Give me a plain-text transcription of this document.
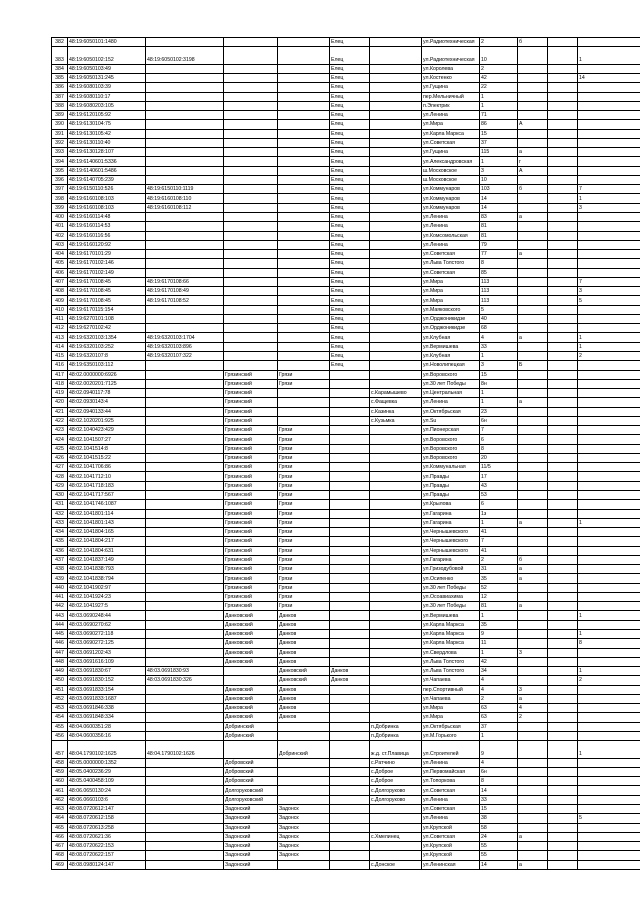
382	48:19:6050101:1480				Елец		ул.Радиотехническая	2	б		
383	48:19:6050102:152	48:19:6050102:3198			Елец		ул.Радиотехническая	10			1
384	48:19:6050103:49				Елец		ул.Королева	2			
385	48:19:6050131:245				Елец		ул.Костенко	42			14
386	48:19:6080103:39				Елец		ул.Гущина	22			
387	48:19:6080110:17				Елец		пер.Мельничный	1			
388	48:19:6080203:105				Елец		п.Электрик	1			
389	48:19:6120105:92				Елец		ул.Ленина	71			
390	48:19:6130104:75				Елец		ул.Мира	86	А		
391	48:19:6130105:42				Елец		ул.Карла Маркса	15			
392	48:19:6130110:40				Елец		ул.Советская	37			
393	48:19:6130128:107				Елец		ул.Гущина	115	а		
394	48:19:6140601:5336				Елец		ул.Александровская	1	г		
395	48:19:6140601:5486				Елец		ш.Московское	3	А		
396	48:19:6140705:239				Елец		ш.Московское	10			
397	48:19:6150110:526	48:19:6150110:1119			Елец		ул.Коммунаров	103	б		7
398	48:19:6160108:103	48:19:6160108:110			Елец		ул.Коммунаров	14			1
399	48:19:6160108:103	48:19:6160108:112			Елец		ул.Коммунаров	14			3
400	48:19:6160114:48				Елец		ул.Ленина	83	а		
401	48:19:6160114:53				Елец		ул.Ленина	81			
402	48:19:6160116:56				Елец		ул.Комсомольская	81			
403	48:19:6160120:92				Елец		ул.Ленина	79			
404	48:19:6170101:29				Елец		ул.Советская	77	а		
405	48:19:6170102:146				Елец		ул.Льва Толстого	8			
406	48:19:6170102:149				Елец		ул.Советская	85			
407	48:19:6170108:45	48:19:6170108:66			Елец		ул.Мира	113			7
408	48:19:6170108:45	48:19:6170108:49			Елец		ул.Мира	113			3
409	48:19:6170108:45	48:19:6170108:52			Елец		ул.Мира	113			5
410	48:19:6170115:154				Елец		ул.Маяковского	5			
411	48:19:6270101:108				Елец		ул.Орджоникидзе	40			
412	48:19:6270102:42				Елец		ул.Орджоникидзе	68			
413	48:19:6320103:1354	48:19:6320103:1704			Елец		ул.Клубная	4	а		1
414	48:19:6320103:252	48:19:6320103:896			Елец		ул.Вермишева	33			1
415	48:19:6320107:8	48:19:6320107:322			Елец		ул.Клубная	1			2
416	48:19:6350103:112				Елец		ул.Новолипецкая	3	Б		
417	48:02.0000000:6926		Грязинский	Грязи			ул.Воровского	15			
418	48:02.0020201:7125		Грязинский	Грязи			ул.30 лет Победы	8н			
419	48:02.0940117:78		Грязинский			с.Карамышево	ул.Центральная	1			
420	48:02.0930143:4		Грязинский			с.Фащевка	ул.Ленина	1	а		
421	48:02.0940133:44		Грязинский			с.Казинка	ул.Октябрьская	23			
422	48:02.1020201:925		Грязинский			с.Кузьмка	ул.Su	6н			
423	48:02.1040423:429		Грязинский	Грязи			ул.Пионерская	7			
424	48:02.1041507:27		Грязинский	Грязи			ул.Воровского	6			
425	48:02.1041514:8		Грязинский	Грязи			ул.Воровского	8			
426	48:02.1041515:22		Грязинский	Грязи			ул.Воровского	20			
427	48:02.1041706:86		Грязинский	Грязи			ул.Коммунальная	11/5			
428	48:02.1041712:10		Грязинский	Грязи			ул.Правды	17			
429	48:02.1041718:183		Грязинский	Грязи			ул.Правды	43			
430	48:02.1041717:567		Грязинский	Грязи			ул.Правды	53			
431	48:02.1041746:1087		Грязинский	Грязи			ул.Крылова	6			
432	48:02.1041801:114		Грязинский	Грязи			ул.Гагарина	1з			
433	48:02.1041801:143		Грязинский	Грязи			ул.Гагарина	1	а		1
434	48:02.1041804:165		Грязинский	Грязи			ул.Чернышевского	41			
435	48:02.1041804:217		Грязинский	Грязи			ул.Чернышевского	7			
436	48:02.1041804:631		Грязинский	Грязи			ул.Чернышевского	41			
437	48:02.1041837:149		Грязинский	Грязи			ул.Гагарина	2	б		
438	48:02.1041838:793		Грязинский	Грязи			ул.Гризодубовой	31	а		
439	48:02.1041838:794		Грязинский	Грязи			ул.Осипенко	35	а		
440	48:02.1041902:97		Грязинский	Грязи			ул.30 лет Победы	52			
441	48:02.1041924:23		Грязинский	Грязи			ул.Осоавиахима	12			
442	48:02.1041927:5		Грязинский	Грязи			ул.30 лет Победы	81	а		
443	48:03.0690248:44		Данковский	Данков			ул.Вермишева	1			1
444	48:03.0690270:62		Данковский	Данков			ул.Карла Маркса	35			
445	48:03.0690272:118		Данковский	Данков			ул.Карла Маркса	9			1
446	48:03.0690272:125		Данковский	Данков			ул.Карла Маркса	11			8
447	48:03.0691202:43		Данковский	Данков			ул.Свердлова	1	3		
448	48:03.0691616:109		Данковский	Данков			ул.Льва Толстого	42			
449	48:03.0691830:67	48:03.0691830:93		Данковский	Данков		ул.Льва Толстого	34			1
450	48:03.0691830:152	48:03.0691830:326		Данковский	Данков		ул.Чапаева	4			2
451	48:03.0691833:154		Данковский	Данков			пер.Спортивный	4	3		
452	48:03.0691833:1687		Данковский	Данков			ул.Чапаева	2	а		
453	48:03.0691846:338		Данковский	Данков			ул.Мира	63	4		
454	48:03.0691848:334		Данковский	Данков			ул.Мира	63	2		
455	48:04.0600351:28		Добринский			п.Добринка	ул.Октябрьская	37			
456	48:04.0600356:16		Добринский			п.Добринка	ул.М.Горького	1			
457	48:04.1790102:1625	48:04.1790102:1626		Добринский		ж.д. ст.Плавица	ул.Строителей	9			1
458	48:05.0000000:1352		Добровский			с.Ратчино	ул.Ленина	4			
459	48:05.0400236:29		Добровский			с.Доброе	ул.Первомайская	6н			
460	48:05.0400458:109		Добровский			с.Доброе	ул.Топоркова	8			
461	48:06.0650130:24		Долгоруковский			с.Долгоруково	ул.Советская	14			
462	48:06.0660103:6		Долгоруковский			с.Долгоруково	ул.Ленина	33			
463	48:08.0720612:147		Задонский	Задонск			ул.Советская	15			
464	48:08.0720612:158		Задонский	Задонск			ул.Ленина	38			5
465	48:08.0720613:258		Задонский	Задонск			ул.Крупской	58			
466	48:08.0720621:36		Задонский	Задонск		с.Хмелинец	ул.Советская	24	а		
467	48:08.0720622:153		Задонский	Задонск			ул.Крупской	55			
468	48:08.0720622:157		Задонский	Задонск			ул.Крупской	55			
469	48:08.0980124:147		Задонский			с.Донское	ул.Ленинская	14	а		
